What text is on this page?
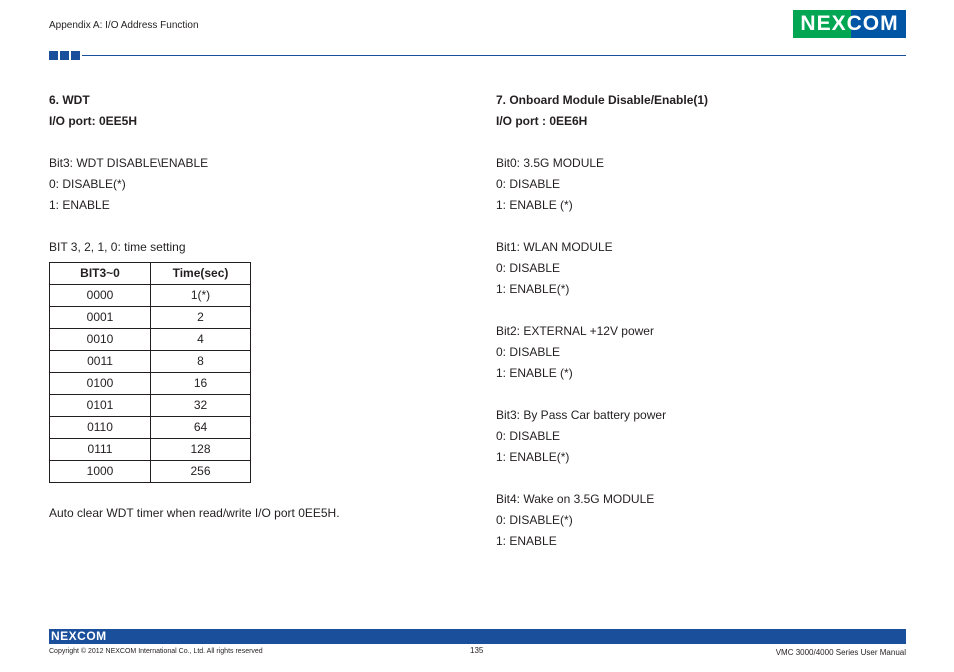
Appendix A: I/O Address Function	NEXCOM
6. WDT
I/O port: 0EE5H
Bit3: WDT DISABLE\ENABLE
0: DISABLE(*)
1: ENABLE
BIT 3, 2, 1, 0: time setting
BIT3~0	Time(sec)
0000	1(*)
0001	2
0010	4
0011	8
0100	16
0101	32
0110	64
0111	128
1000	256
Auto clear WDT timer when read/write I/O port 0EE5H.
7. Onboard Module Disable/Enable(1)
I/O port : 0EE6H
Bit0: 3.5G MODULE
0: DISABLE
1: ENABLE (*)
Bit1: WLAN MODULE
0: DISABLE
1: ENABLE(*)
Bit2: EXTERNAL +12V power
0: DISABLE
1: ENABLE (*)
Bit3: By Pass Car battery power
0: DISABLE
1: ENABLE(*)
Bit4: Wake on 3.5G MODULE
0: DISABLE(*)
1: ENABLE
NEXCOM
Copyright © 2012 NEXCOM International Co., Ltd. All rights reserved	135	VMC 3000/4000 Series User Manual
